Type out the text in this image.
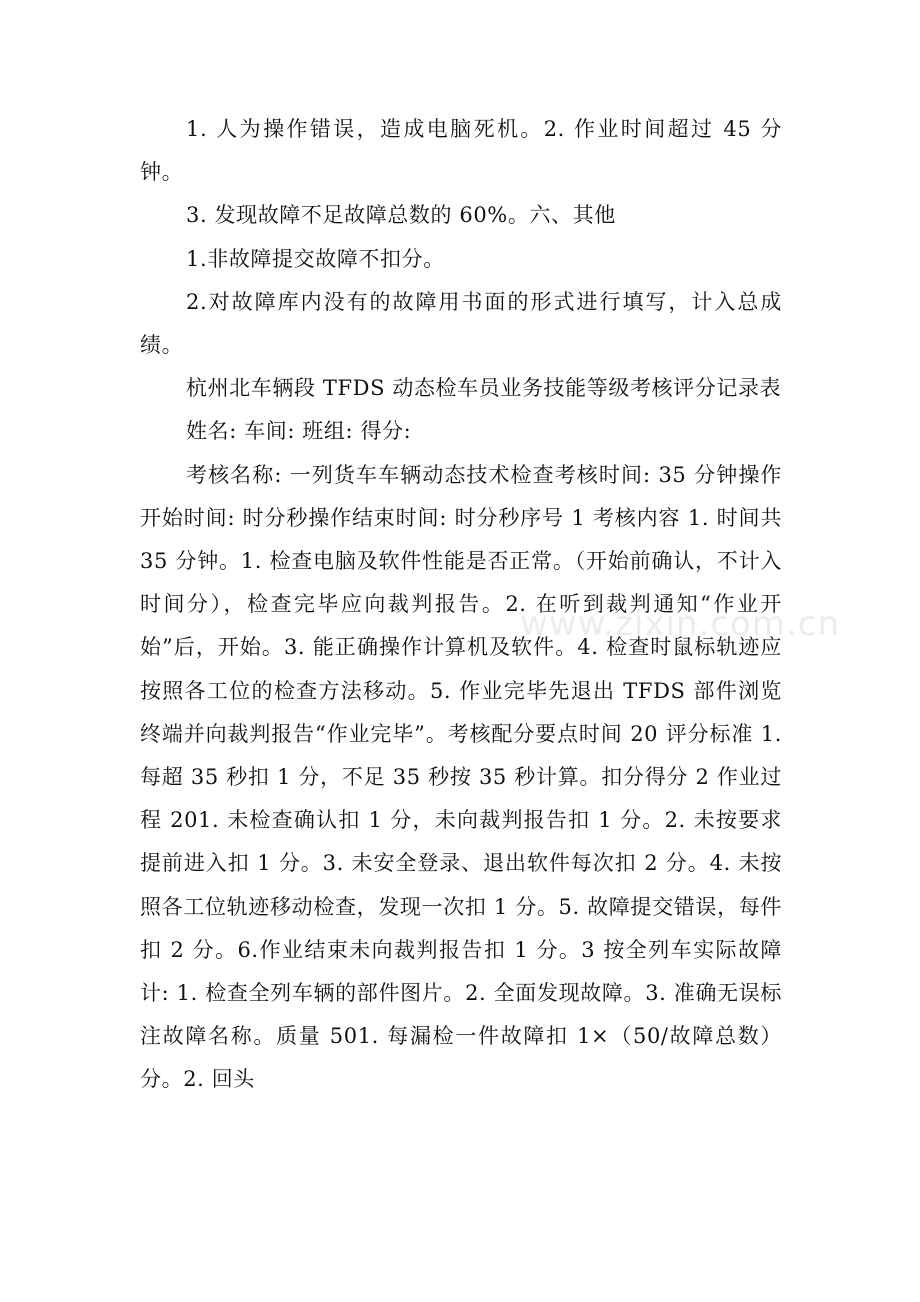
1. 人为操作错误，造成电脑死机。2. 作业时间超过 45 分钟。

3. 发现故障不足故障总数的 60%。六、其他

1.非故障提交故障不扣分。

2.对故障库内没有的故障用书面的形式进行填写，计入总成绩。

杭州北车辆段 TFDS 动态检车员业务技能等级考核评分记录表

姓名: 车间: 班组: 得分:

考核名称: 一列货车车辆动态技术检查考核时间: 35 分钟操作开始时间: 时分秒操作结束时间: 时分秒序号 1 考核内容 1. 时间共 35 分钟。1. 检查电脑及软件性能是否正常。（开始前确认，不计入时间分），检查完毕应向裁判报告。2. 在听到裁判通知“作业开始”后，开始。3. 能正确操作计算机及软件。4. 检查时鼠标轨迹应按照各工位的检查方法移动。5. 作业完毕先退出 TFDS 部件浏览终端并向裁判报告“作业完毕”。考核配分要点时间 20 评分标准 1.每超 35 秒扣 1 分，不足 35 秒按 35 秒计算。扣分得分 2 作业过程 201. 未检查确认扣 1 分，未向裁判报告扣 1 分。2. 未按要求提前进入扣 1 分。3. 未安全登录、退出软件每次扣 2 分。4. 未按照各工位轨迹移动检查，发现一次扣 1 分。5. 故障提交错误，每件扣 2 分。6.作业结束未向裁判报告扣 1 分。3 按全列车实际故障计: 1. 检查全列车辆的部件图片。2. 全面发现故障。3. 准确无误标注故障名称。质量 501. 每漏检一件故障扣 1×（50/故障总数）分。2. 回头

www.zixin.com.cn
